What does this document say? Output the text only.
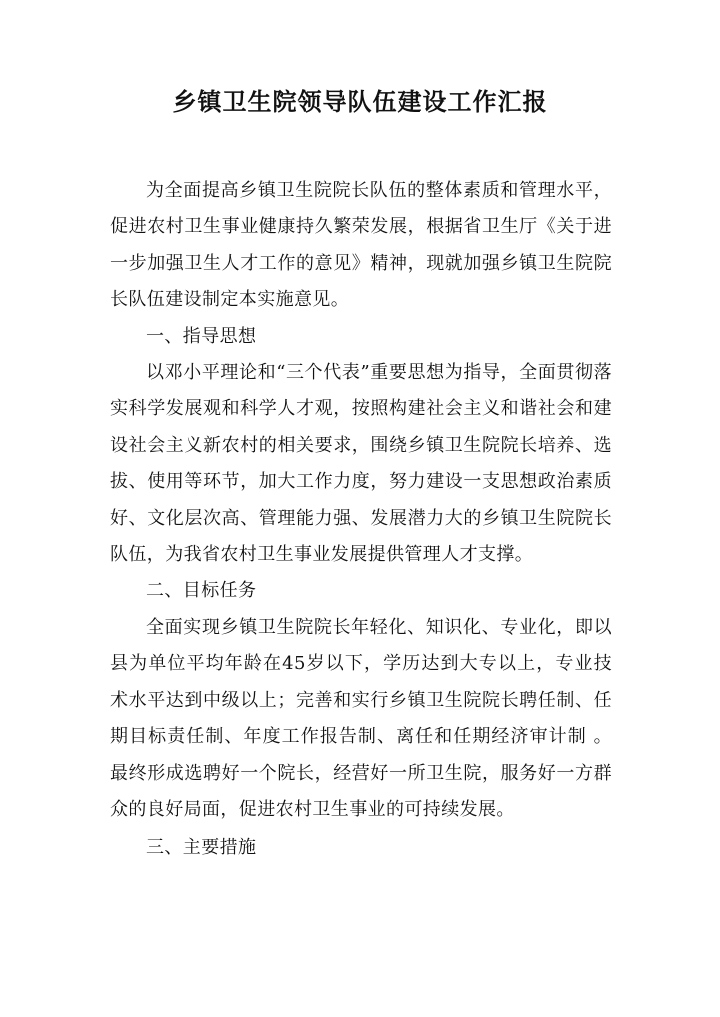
乡镇卫生院领导队伍建设工作汇报

为全面提高乡镇卫生院院长队伍的整体素质和管理水平，促进农村卫生事业健康持久繁荣发展，根据省卫生厅《关于进一步加强卫生人才工作的意见》精神，现就加强乡镇卫生院院长队伍建设制定本实施意见。

一、指导思想

以邓小平理论和“三个代表”重要思想为指导，全面贯彻落实科学发展观和科学人才观，按照构建社会主义和谐社会和建设社会主义新农村的相关要求，围绕乡镇卫生院院长培养、选拔、使用等环节，加大工作力度，努力建设一支思想政治素质好、文化层次高、管理能力强、发展潜力大的乡镇卫生院院长队伍，为我省农村卫生事业发展提供管理人才支撑。

二、目标任务

全面实现乡镇卫生院院长年轻化、知识化、专业化，即以县为单位平均年龄在45岁以下，学历达到大专以上，专业技术水平达到中级以上；完善和实行乡镇卫生院院长聘任制、任期目标责任制、年度工作报告制、离任和任期经济审计制 。最终形成选聘好一个院长，经营好一所卫生院，服务好一方群众的良好局面，促进农村卫生事业的可持续发展。

三、主要措施
